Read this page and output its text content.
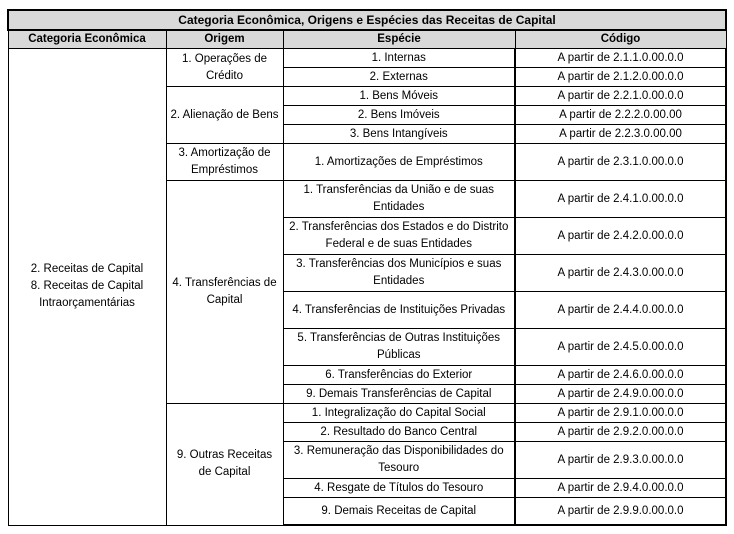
Categoria Econômica, Origens e Espécies das Receitas de Capital			
Categoria Econômica	Origem	Espécie	Código

2. Receitas de Capital
8. Receitas de Capital Intraorçamentárias	1. Operações de Crédito	1. Internas	A partir de 2.1.1.0.00.0.0
		2. Externas	A partir de 2.1.2.0.00.0.0
	2. Alienação de Bens	1. Bens Móveis	A partir de 2.2.1.0.00.0.0
		2. Bens Imóveis	A partir de 2.2.2.0.00.00
		3. Bens Intangíveis	A partir de 2.2.3.0.00.00
	3. Amortização de Empréstimos	1. Amortizações de Empréstimos	A partir de 2.3.1.0.00.0.0
	4. Transferências de Capital	1. Transferências da União e de suas Entidades	A partir de 2.4.1.0.00.0.0
		2. Transferências dos Estados e do Distrito Federal e de suas Entidades	A partir de 2.4.2.0.00.0.0
		3. Transferências dos Municípios e suas Entidades	A partir de 2.4.3.0.00.0.0
		4. Transferências de Instituições Privadas	A partir de 2.4.4.0.00.0.0
		5. Transferências de Outras Instituições Públicas	A partir de 2.4.5.0.00.0.0
		6. Transferências do Exterior	A partir de 2.4.6.0.00.0.0
		9. Demais Transferências de Capital	A partir de 2.4.9.0.00.0.0
	9. Outras Receitas de Capital	1. Integralização do Capital Social	A partir de 2.9.1.0.00.0.0
		2. Resultado do Banco Central	A partir de 2.9.2.0.00.0.0
		3. Remuneração das Disponibilidades do Tesouro	A partir de 2.9.3.0.00.0.0
		4. Resgate de Títulos do Tesouro	A partir de 2.9.4.0.00.0.0
		9. Demais Receitas de Capital	A partir de 2.9.9.0.00.0.0
